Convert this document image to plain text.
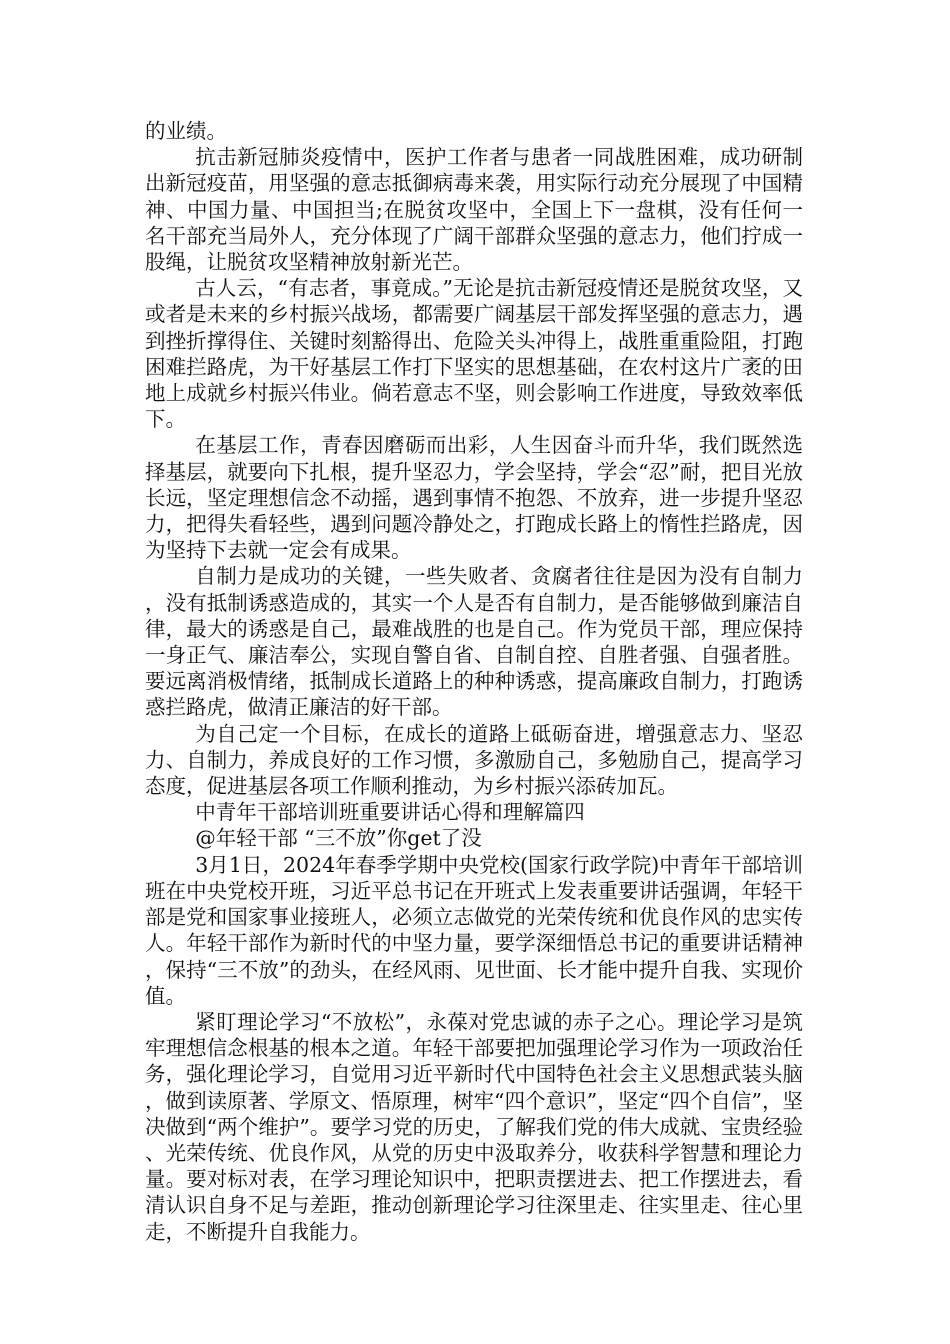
的业绩。

抗击新冠肺炎疫情中，医护工作者与患者一同战胜困难，成功研制出新冠疫苗，用坚强的意志抵御病毒来袭，用实际行动充分展现了中国精神、中国力量、中国担当;在脱贫攻坚中，全国上下一盘棋，没有任何一名干部充当局外人，充分体现了广阔干部群众坚强的意志力，他们拧成一股绳，让脱贫攻坚精神放射新光芒。

古人云，“有志者，事竟成。”无论是抗击新冠疫情还是脱贫攻坚，又或者是未来的乡村振兴战场，都需要广阔基层干部发挥坚强的意志力，遇到挫折撑得住、关键时刻豁得出、危险关头冲得上，战胜重重险阻，打跑困难拦路虎，为干好基层工作打下坚实的思想基础，在农村这片广袤的田地上成就乡村振兴伟业。倘若意志不坚，则会影响工作进度，导致效率低下。

在基层工作，青春因磨砺而出彩，人生因奋斗而升华，我们既然选择基层，就要向下扎根，提升坚忍力，学会坚持，学会“忍”耐，把目光放长远，坚定理想信念不动摇，遇到事情不抱怨、不放弃，进一步提升坚忍力，把得失看轻些，遇到问题冷静处之，打跑成长路上的惰性拦路虎，因为坚持下去就一定会有成果。

自制力是成功的关键，一些失败者、贪腐者往往是因为没有自制力，没有抵制诱惑造成的，其实一个人是否有自制力，是否能够做到廉洁自律，最大的诱惑是自己，最难战胜的也是自己。作为党员干部，理应保持一身正气、廉洁奉公，实现自警自省、自制自控、自胜者强、自强者胜。要远离消极情绪，抵制成长道路上的种种诱惑，提高廉政自制力，打跑诱惑拦路虎，做清正廉洁的好干部。

为自己定一个目标，在成长的道路上砥砺奋进，增强意志力、坚忍力、自制力，养成良好的工作习惯，多激励自己，多勉励自己，提高学习态度，促进基层各项工作顺利推动，为乡村振兴添砖加瓦。

中青年干部培训班重要讲话心得和理解篇四

@年轻干部 “三不放”你get了没

3月1日，2024年春季学期中央党校(国家行政学院)中青年干部培训班在中央党校开班，习近平总书记在开班式上发表重要讲话强调，年轻干部是党和国家事业接班人，必须立志做党的光荣传统和优良作风的忠实传人。年轻干部作为新时代的中坚力量，要学深细悟总书记的重要讲话精神，保持“三不放”的劲头，在经风雨、见世面、长才能中提升自我、实现价值。

紧盯理论学习“不放松”，永葆对党忠诚的赤子之心。理论学习是筑牢理想信念根基的根本之道。年轻干部要把加强理论学习作为一项政治任务，强化理论学习，自觉用习近平新时代中国特色社会主义思想武装头脑，做到读原著、学原文、悟原理，树牢“四个意识”，坚定“四个自信”，坚决做到“两个维护”。要学习党的历史，了解我们党的伟大成就、宝贵经验、光荣传统、优良作风，从党的历史中汲取养分，收获科学智慧和理论力量。要对标对表，在学习理论知识中，把职责摆进去、把工作摆进去，看清认识自身不足与差距，推动创新理论学习往深里走、往实里走、往心里走，不断提升自我能力。
